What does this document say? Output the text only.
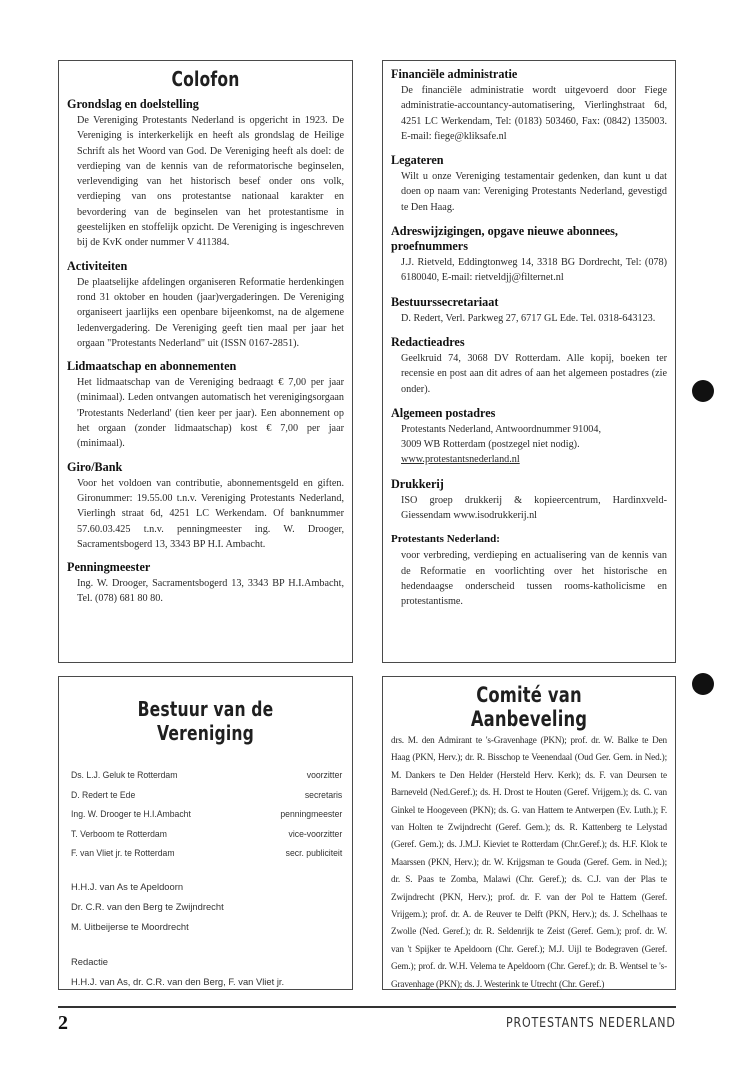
Colofon
Grondslag en doelstelling

De Vereniging Protestants Nederland is opgericht in 1923. De Vereniging is interkerkelijk en heeft als grondslag de Heilige Schrift als het Woord van God. De Vereniging heeft als doel: de verdieping van de kennis van de reformatorische beginselen, verlevendiging van het historisch besef onder ons volk, verdieping van ons protestantse nationaal karakter en bevordering van de beginselen van het protestantisme in geestelijken en stoffelijk opzicht. De Vereniging is ingeschreven bij de KvK onder nummer V 411384.

Activiteiten

De plaatselijke afdelingen organiseren Reformatie herdenkingen rond 31 oktober en houden (jaar)vergaderingen. De Vereniging organiseert jaarlijks een openbare bijeenkomst, na de algemene ledenvergadering. De Vereniging geeft tien maal per jaar het orgaan "Protestants Nederland" uit (ISSN 0167-2851).

Lidmaatschap en abonnementen

Het lidmaatschap van de Vereniging bedraagt € 7,00 per jaar (minimaal). Leden ontvangen automatisch het verenigingsorgaan 'Protestants Nederland' (tien keer per jaar). Een abonnement op het orgaan (zonder lidmaatschap) kost € 7,00 per jaar (minimaal).

Giro/Bank

Voor het voldoen van contributie, abonnementsgeld en giften. Gironummer: 19.55.00 t.n.v. Vereniging Protestants Nederland, Vierlingh straat 6d, 4251 LC Werkendam. Of banknummer 57.60.03.425 t.n.v. penningmeester ing. W. Drooger, Sacramentsbogerd 13, 3343 BP H.I. Ambacht.

Penningmeester

Ing. W. Drooger, Sacramentsbogerd 13, 3343 BP H.I.Ambacht, Tel. (078) 681 80 80.

Financiële administratie

De financiële administratie wordt uitgevoerd door Fiege administratie-accountancy-automatisering, Vierlinghstraat 6d, 4251 LC Werkendam, Tel: (0183) 503460, Fax: (0842) 135003. E-mail: fiege@kliksafe.nl

Legateren

Wilt u onze Vereniging testamentair gedenken, dan kunt u dat doen op naam van: Vereniging Protestants Nederland, gevestigd te Den Haag.

Adreswijzigingen, opgave nieuwe abonnees, proefnummers

J.J. Rietveld, Eddingtonweg 14, 3318 BG Dordrecht, Tel: (078) 6180040, E-mail: rietveldjj@filternet.nl

Bestuurssecretariaat

D. Redert, Verl. Parkweg 27, 6717 GL Ede. Tel. 0318-643123.

Redactieadres

Geelkruid 74, 3068 DV Rotterdam. Alle kopij, boeken ter recensie en post aan dit adres of aan het algemeen postadres (zie onder).

Algemeen postadres

Protestants Nederland, Antwoordnummer 91004,

3009 WB Rotterdam (postzegel niet nodig).

www.protestantsnederland.nl

Drukkerij

ISO groep drukkerij & kopieercentrum, Hardinxveld-Giessendam www.isodrukkerij.nl

Protestants Nederland:

voor verbreding, verdieping en actualisering van de kennis van de Reformatie en voorlichting over het historische en hedendaagse onderscheid tussen rooms-katholicisme en protestantisme.

Bestuur van de Vereniging
Ds. L.J. Geluk te Rotterdam	voorzitter
D. Redert te Ede	secretaris
Ing. W. Drooger te H.I.Ambacht	penningmeester
T. Verboom te Rotterdam	vice-voorzitter
F. van Vliet jr. te Rotterdam	secr. publiciteit
H.H.J. van As te Apeldoorn
Dr. C.R. van den Berg te Zwijndrecht
M. Uitbeijerse te Moordrecht
Redactie
H.H.J. van As, dr. C.R. van den Berg, F. van Vliet jr.
Comité van Aanbeveling

drs. M. den Admirant te 's-Gravenhage (PKN); prof. dr. W. Balke te Den Haag (PKN, Herv.); dr. R. Bisschop te Veenendaal (Oud Ger. Gem. in Ned.); M. Dankers te Den Helder (Hersteld Herv. Kerk); ds. F. van Deursen te Barneveld (Ned.Geref.); ds. H. Drost te Houten (Geref. Vrijgem.); ds. C. van Ginkel te Hoogeveen (PKN); ds. G. van Hattem te Antwerpen (Ev. Luth.); F. van Holten te Zwijndrecht (Geref. Gem.); ds. R. Kattenberg te Lelystad (Geref. Gem.); ds. J.M.J. Kieviet te Rotterdam (Chr.Geref.); ds. H.F. Klok te Maarssen (PKN, Herv.); dr. W. Krijgsman te Gouda (Geref. Gem. in Ned.); dr. S. Paas te Zomba, Malawi (Chr. Geref.); ds. C.J. van der Plas te Zwijndrecht (PKN, Herv.); prof. dr. F. van der Pol te Hattem (Geref. Vrijgem.); prof. dr. A. de Reuver te Delft (PKN, Herv.); ds. J. Schelhaas te Zwolle (Ned. Geref.); dr. R. Seldenrijk te Zeist (Geref. Gem.); prof. dr. W. van 't Spijker te Apeldoorn (Chr. Geref.); M.J. Uijl te Bodegraven (Geref. Gem.); prof. dr. W.H. Velema te Apeldoorn (Chr. Geref.); dr. B. Wentsel te 's-Gravenhage (PKN); ds. J. Westerink te Utrecht (Chr. Geref.)

2	PROTESTANTS NEDERLAND
